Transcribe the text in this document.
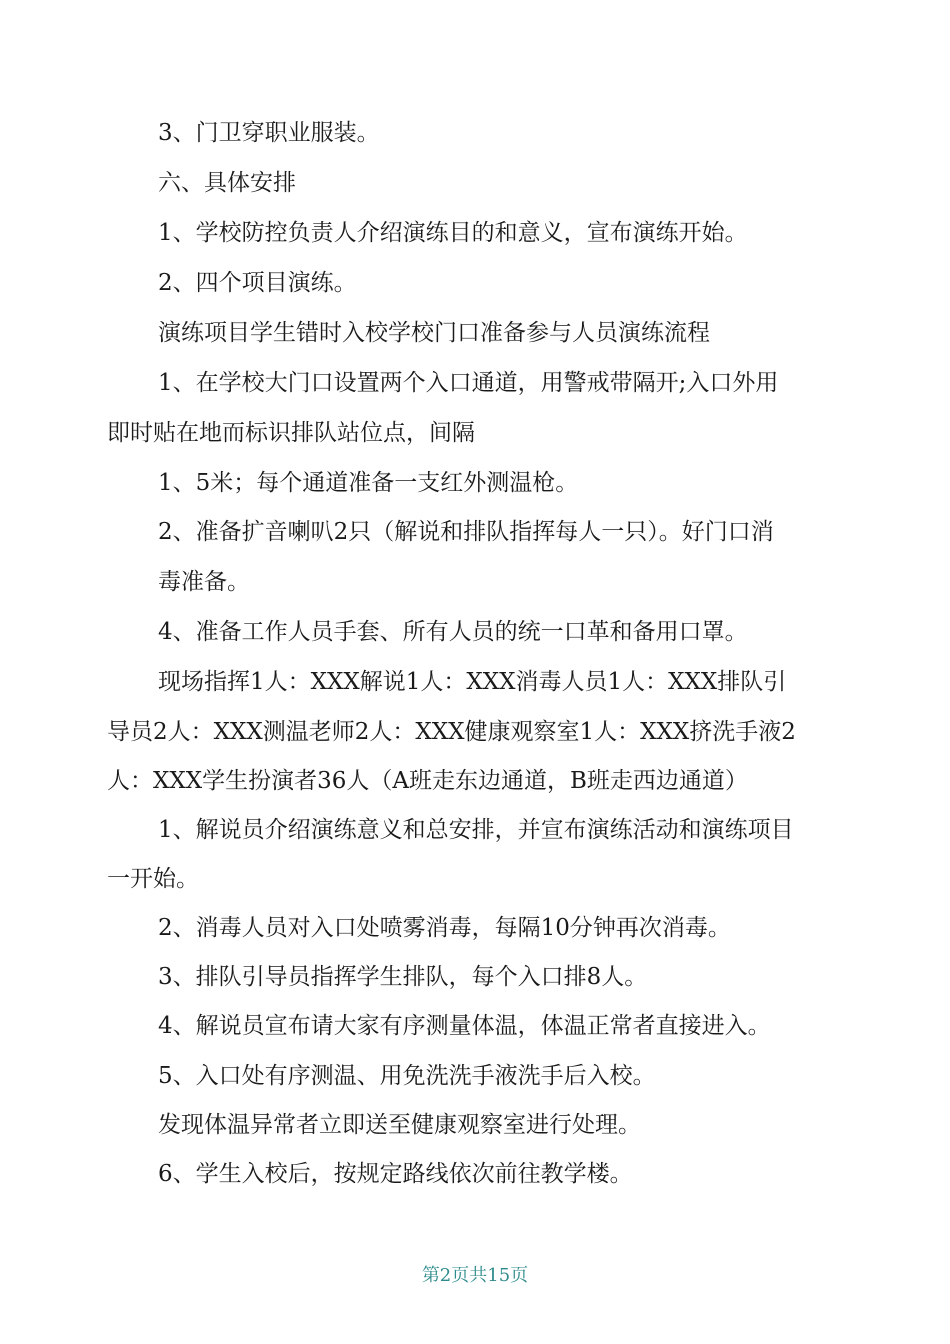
3、门卫穿职业服装。

六、具体安排

1、学校防控负责人介绍演练目的和意义，宣布演练开始。

2、四个项目演练。

演练项目学生错时入校学校门口准备参与人员演练流程

1、在学校大门口设置两个入口通道，用警戒带隔开;入口外用

即时贴在地而标识排队站位点，间隔

1、5米；每个通道准备一支红外测温枪。

2、准备扩音喇叭2只（解说和排队指挥每人一只）。好门口消

毒准备。

4、准备工作人员手套、所有人员的统一口革和备用口罩。

现场指挥1人：XXX解说1人：XXX消毒人员1人：XXX排队引

导员2人：XXX测温老师2人：XXX健康观察室1人：XXX挤洗手液2

人：XXX学生扮演者36人（A班走东边通道，B班走西边通道）

1、解说员介绍演练意义和总安排，并宣布演练活动和演练项目

一开始。

2、消毒人员对入口处喷雾消毒，每隔10分钟再次消毒。

3、排队引导员指挥学生排队，每个入口排8人。

4、解说员宣布请大家有序测量体温，体温正常者直接进入。

5、入口处有序测温、用免洗洗手液洗手后入校。

发现体温异常者立即送至健康观察室进行处理。

6、学生入校后，按规定路线依次前往教学楼。

第2页共15页
